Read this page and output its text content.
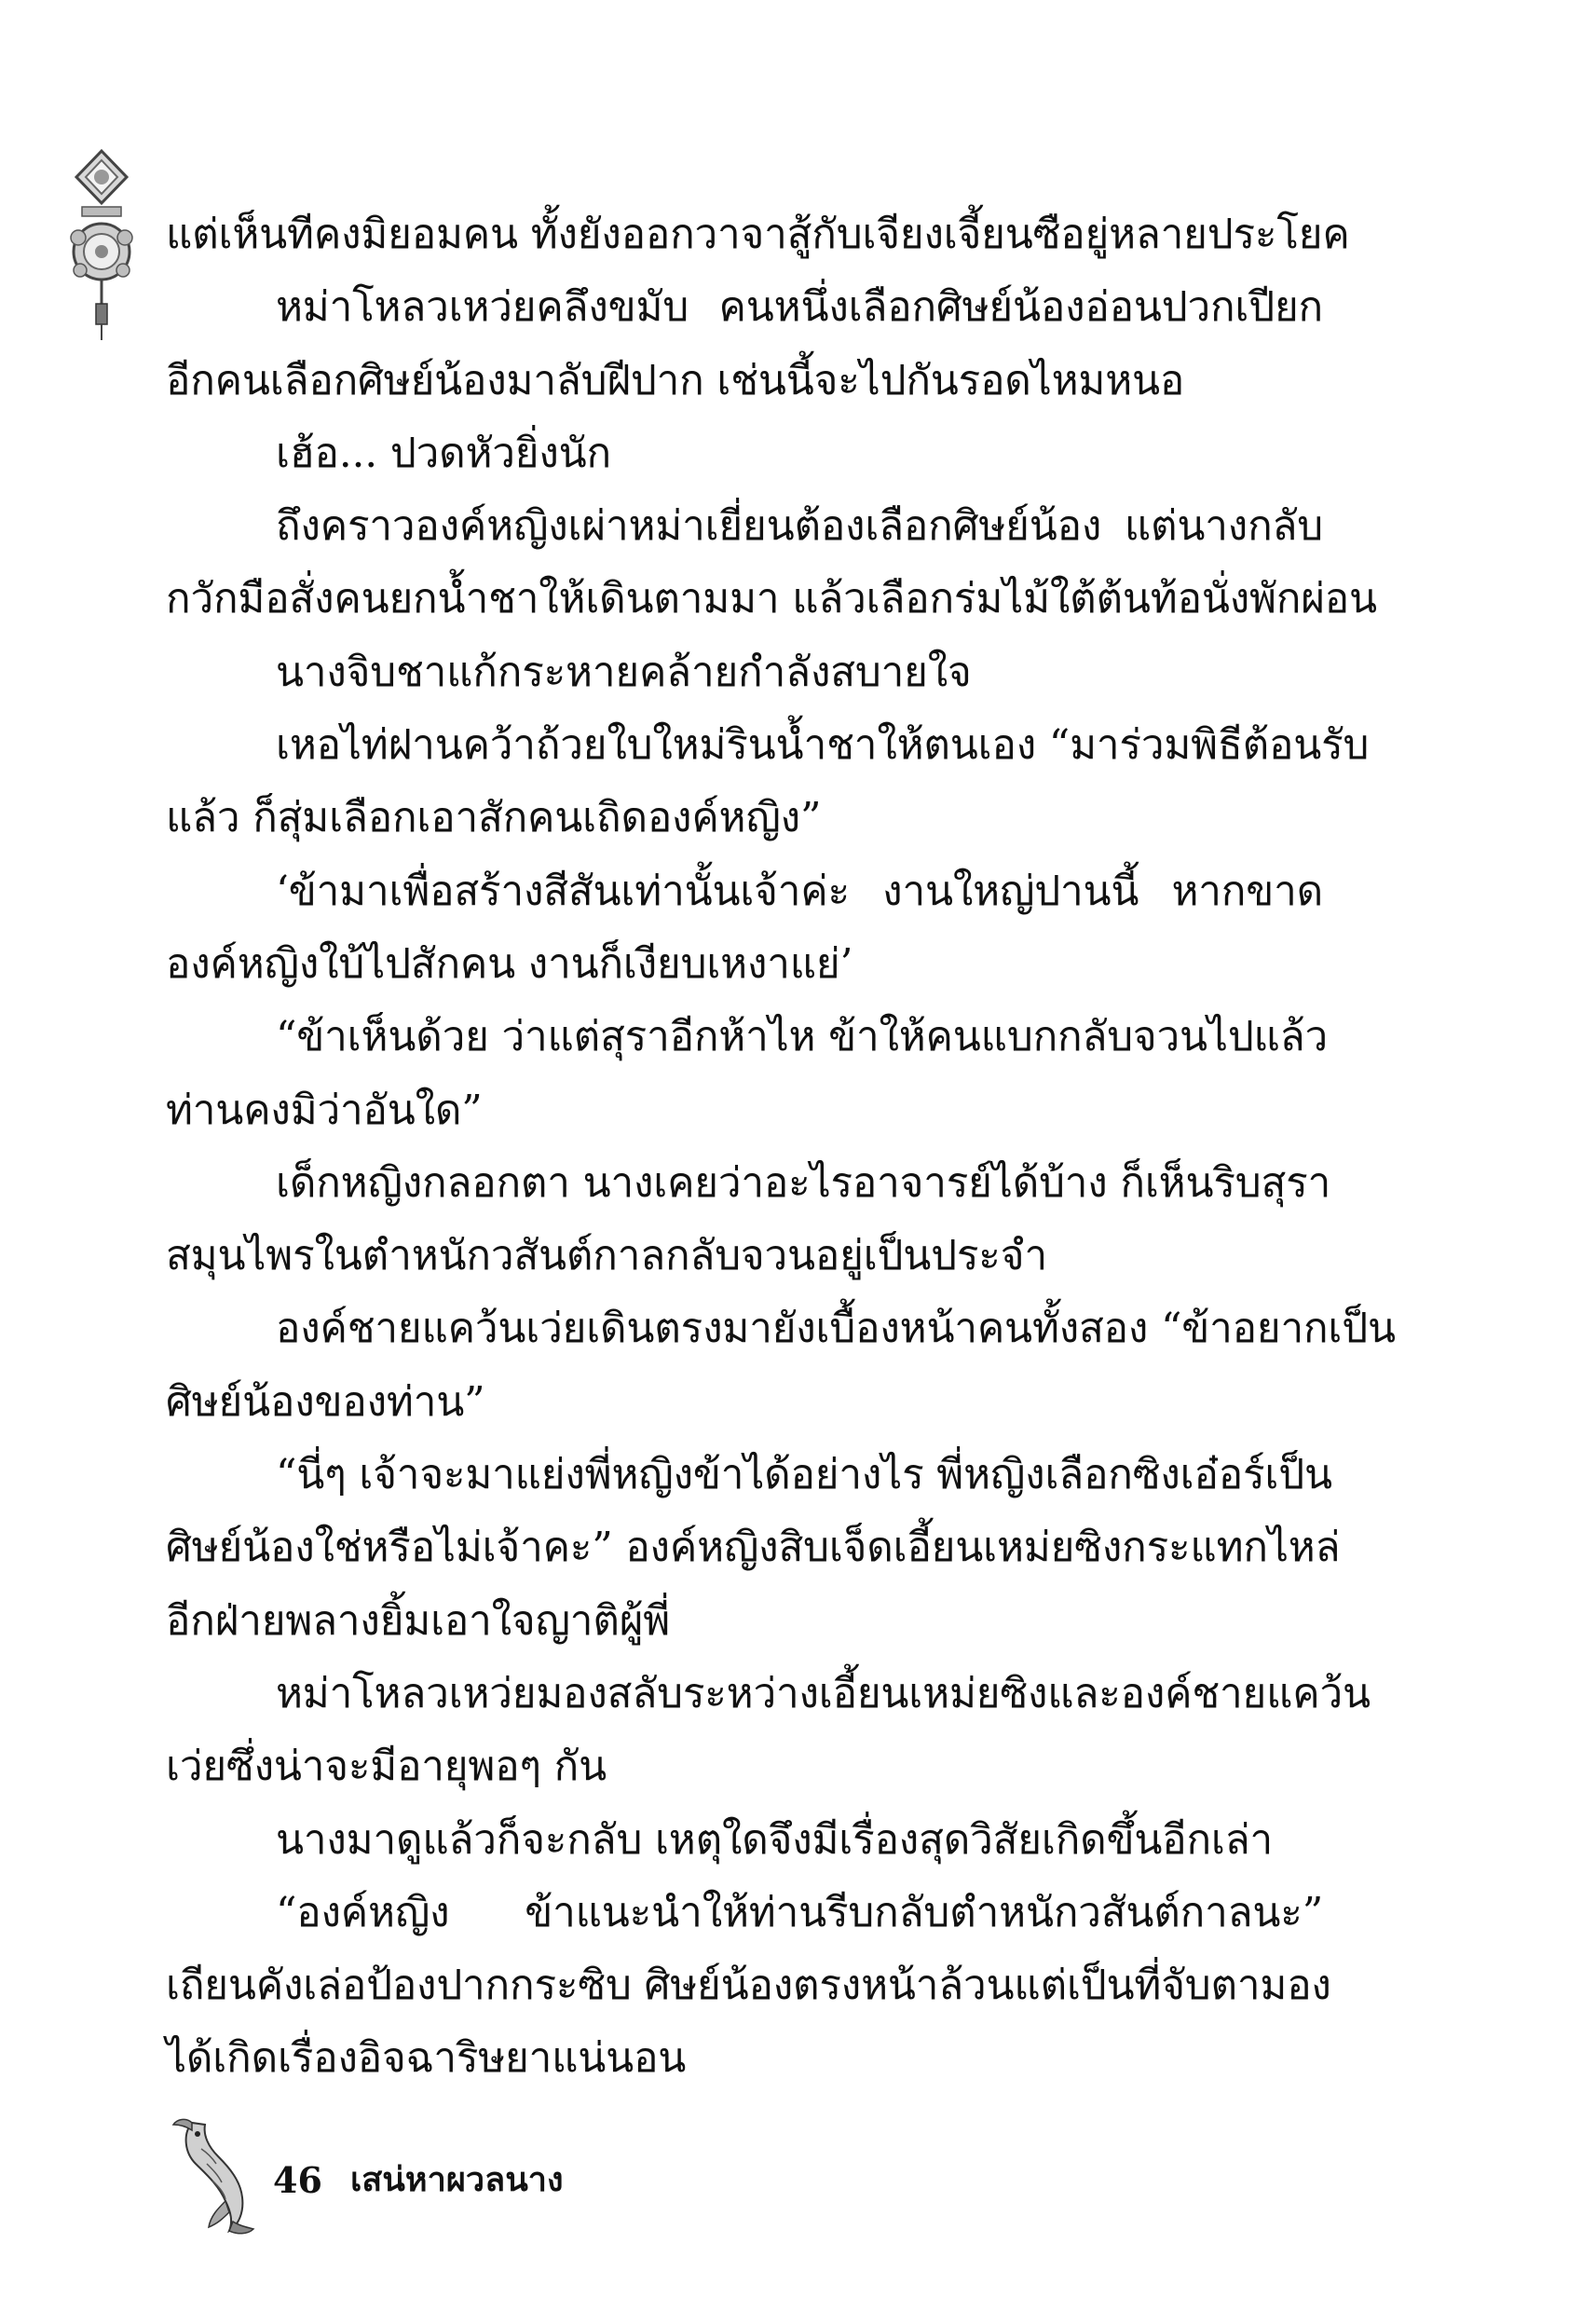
แต่เห็นทีคงมิยอมคน ทั้งยังออกวาจาสู้กับเจียงเจี้ยนซือยู่หลายประโยค
หม่าโหลวเหว่ยคลึงขมับ คนหนึ่งเลือกศิษย์น้องอ่อนปวกเปียก
อีกคนเลือกศิษย์น้องมาลับฝีปาก เช่นนี้จะไปกันรอดไหมหนอ
เฮ้อ... ปวดหัวยิ่งนัก
ถึงคราวองค์หญิงเผ่าหม่าเยี่ยนต้องเลือกศิษย์น้อง แต่นางกลับ
กวักมือสั่งคนยกน้ำชาให้เดินตามมา แล้วเลือกร่มไม้ใต้ต้นท้อนั่งพักผ่อน
นางจิบชาแก้กระหายคล้ายกำลังสบายใจ
เหอไท่ฝานคว้าถ้วยใบใหม่รินน้ำชาให้ตนเอง “มาร่วมพิธีต้อนรับ
แล้ว ก็สุ่มเลือกเอาสักคนเถิดองค์หญิง”
‘ข้ามาเพื่อสร้างสีสันเท่านั้นเจ้าค่ะ งานใหญ่ปานนี้ หากขาด
องค์หญิงใบ้ไปสักคน งานก็เงียบเหงาแย่’
“ข้าเห็นด้วย ว่าแต่สุราอีกห้าไห ข้าให้คนแบกกลับจวนไปแล้ว
ท่านคงมิว่าอันใด”
เด็กหญิงกลอกตา นางเคยว่าอะไรอาจารย์ได้บ้าง ก็เห็นริบสุรา
สมุนไพรในตำหนักวสันต์กาลกลับจวนอยู่เป็นประจำ
องค์ชายแคว้นเว่ยเดินตรงมายังเบื้องหน้าคนทั้งสอง “ข้าอยากเป็น
ศิษย์น้องของท่าน”
“นี่ๆ เจ้าจะมาแย่งพี่หญิงข้าได้อย่างไร พี่หญิงเลือกซิงเอ๋อร์เป็น
ศิษย์น้องใช่หรือไม่เจ้าคะ” องค์หญิงสิบเจ็ดเอี้ยนเหม่ยซิงกระแทกไหล่
อีกฝ่ายพลางยิ้มเอาใจญาติผู้พี่
หม่าโหลวเหว่ยมองสลับระหว่างเอี้ยนเหม่ยซิงและองค์ชายแคว้น
เว่ยซึ่งน่าจะมีอายุพอๆ กัน
นางมาดูแล้วก็จะกลับ เหตุใดจึงมีเรื่องสุดวิสัยเกิดขึ้นอีกเล่า
“องค์หญิง ข้าแนะนำให้ท่านรีบกลับตำหนักวสันต์กาลนะ”
เถียนคังเล่อป้องปากกระซิบ ศิษย์น้องตรงหน้าล้วนแต่เป็นที่จับตามอง
ได้เกิดเรื่องอิจฉาริษยาแน่นอน
46 เสน่หาผวลนาง
